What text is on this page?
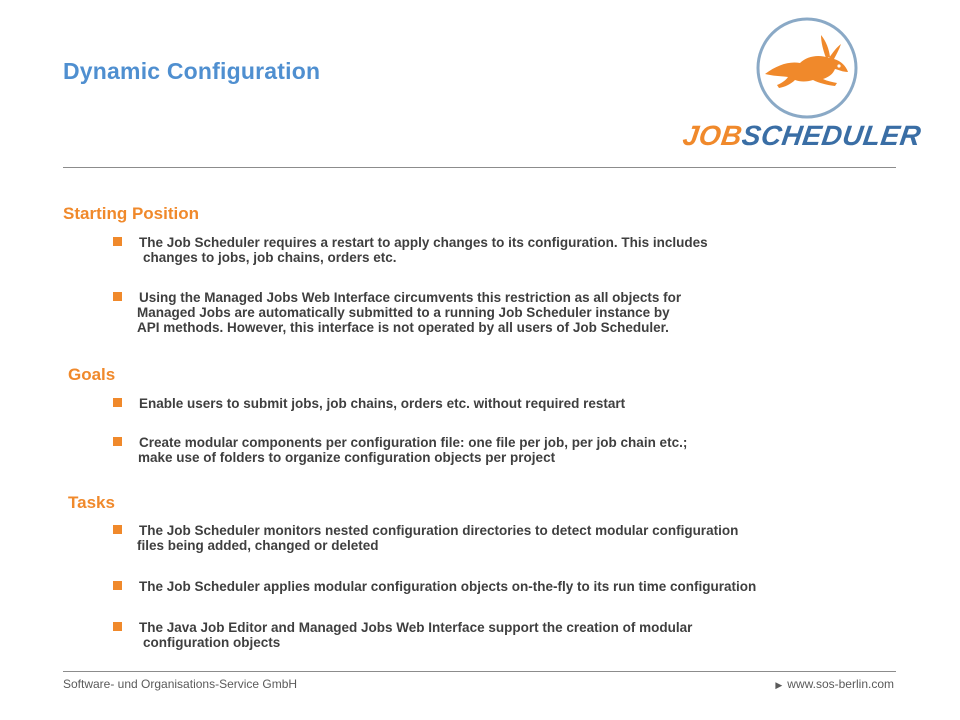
Dynamic Configuration
JOBSCHEDULER
Starting Position
The Job Scheduler requires a restart to apply changes to its configuration. This includes
changes to jobs, job chains, orders etc.
Using the Managed Jobs Web Interface circumvents this restriction as all objects for
Managed Jobs are automatically submitted to a running Job Scheduler instance by
API methods. However, this interface is not operated by all users of Job Scheduler.
Goals
Enable users to submit jobs, job chains, orders etc. without required restart
Create modular components per configuration file: one file per job, per job chain etc.;
make use of folders to organize configuration objects per project
Tasks
The Job Scheduler monitors nested configuration directories to detect modular configuration
files being added, changed or deleted
The Job Scheduler applies modular configuration objects on-the-fly to its run time configuration
The Java Job Editor and Managed Jobs Web Interface support the creation of modular
configuration objects
Software- und Organisations-Service GmbH	▶ www.sos-berlin.com
